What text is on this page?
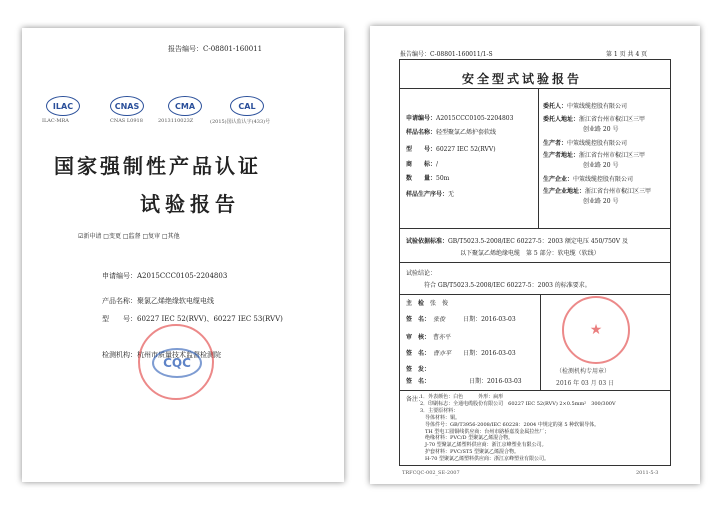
报告编号：C-08801-160011
ILAC
ILAC-MRA
CNAS
CNAS L0918
CMA
2013110023Z
CAL
(2015)国认监认字(433)号
国家强制性产品认证
试验报告
☑新申请 □变更 □监督 □复审 □其他
申请编号：A2015CCC0105-2204803
产品名称：聚氯乙烯绝缘软电缆电线
型　　号：60227 IEC 52(RVV)、60227 IEC 53(RVV)
检测机构：杭州市质量技术监督检测院
CQC
报告编号：C-08801-160011/1-S	第 1 页 共 4 页
安全型式试验报告
申请编号：A2015CCC0105-2204803
样品名称：轻型聚氯乙烯护套软线
型　　号：60227 IEC 52(RVV)
商　　标：/
数　　量：50m
样品生产序号：无
委托人：中策线缆控股有限公司
委托人地址：浙江省台州市椒江区三甲
创业路 20 号
生产者：中策线缆控股有限公司
生产者地址：浙江省台州市椒江区三甲
创业路 20 号
生产企业：中策线缆控股有限公司
生产企业地址：浙江省台州市椒江区三甲
创业路 20 号
试验依据标准：GB/T5023.5-2008/IEC 60227-5：2003 额定电压 450/750V 及
以下聚氯乙烯绝缘电缆　第 5 部分：软电缆（软线）
试验结论：
符合 GB/T5023.5-2008/IEC 60227-5：2003 的标准要求。
主　检　 张　俊
签　名：　 张俊　　　	日期：2016-03-03
审　核：　 曹亦平
签　名：　 曹亦平　　 日期：2016-03-03
签　发：
签　名：　　　　　　　	日期：2016-03-03
★
（检测机构专用章）
2016 年 03 月 03 日
备注：
1．外表颜色：白色　　　外形：扁形
2．印刷标志：全通电缆股份有限公司　60227 IEC 52(RVV) 2×0.5mm²　300/300V
3．主要原材料：
　导体材料：铜。
　导体件号：GB/T3956-2008/IEC 60228：2004 中规定的第 5 种软铜导体。
　TH 型电工圆铜线供应商：台州市路桥嘉茂金属拉丝厂；
　绝缘材料：PVC/D 型聚氯乙烯混合物。
　J-70 型聚氯乙烯塑料供应商：浙江京峰塑业有限公司。
　护套材料：PVC/ST5 型聚氯乙烯混合物。
　H-70 型聚氯乙烯塑料供应商：浙江京峰塑业有限公司。
TRFCQC-002_SE-2007	2011-5-3
